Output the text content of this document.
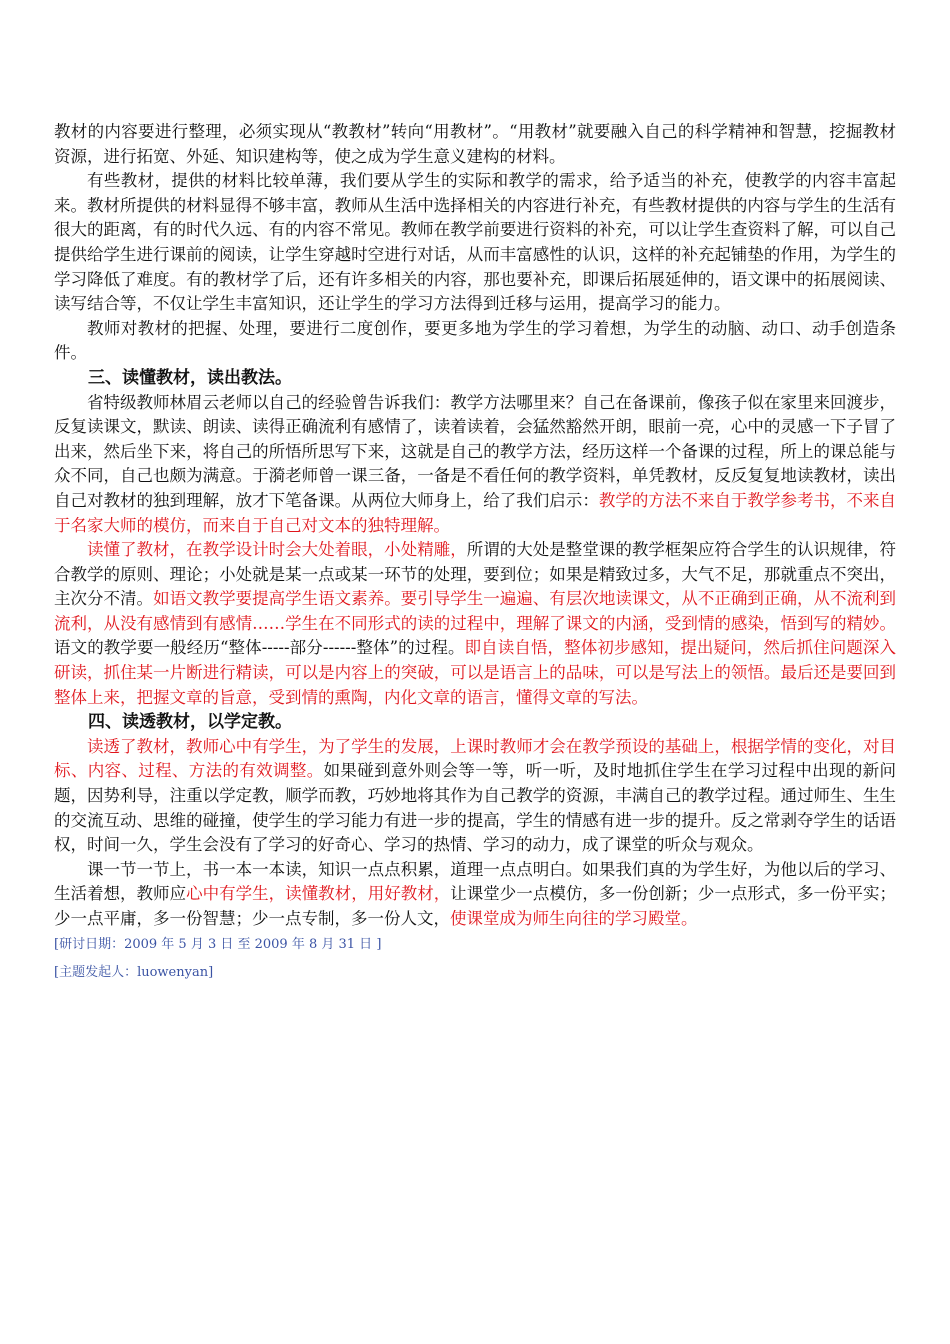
教材的内容要进行整理，必须实现从“教教材”转向“用教材”。“用教材”就要融入自己的科学精神和智慧，挖掘教材资源，进行拓宽、外延、知识建构等，使之成为学生意义建构的材料。

有些教材，提供的材料比较单薄，我们要从学生的实际和教学的需求，给予适当的补充，使教学的内容丰富起来。教材所提供的材料显得不够丰富，教师从生活中选择相关的内容进行补充，有些教材提供的内容与学生的生活有很大的距离，有的时代久远、有的内容不常见。教师在教学前要进行资料的补充，可以让学生查资料了解，可以自己提供给学生进行课前的阅读，让学生穿越时空进行对话，从而丰富感性的认识，这样的补充起铺垫的作用，为学生的学习降低了难度。有的教材学了后，还有许多相关的内容，那也要补充，即课后拓展延伸的，语文课中的拓展阅读、读写结合等，不仅让学生丰富知识，还让学生的学习方法得到迁移与运用，提高学习的能力。

教师对教材的把握、处理，要进行二度创作，要更多地为学生的学习着想，为学生的动脑、动口、动手创造条件。

三、读懂教材，读出教法。

省特级教师林眉云老师以自己的经验曾告诉我们：教学方法哪里来？自己在备课前，像孩子似在家里来回渡步，反复读课文，默读、朗读、读得正确流利有感情了，读着读着，会猛然豁然开朗，眼前一亮，心中的灵感一下子冒了出来，然后坐下来，将自己的所悟所思写下来，这就是自己的教学方法，经历这样一个备课的过程，所上的课总能与众不同，自己也颇为满意。于漪老师曾一课三备，一备是不看任何的教学资料，单凭教材，反反复复地读教材，读出自己对教材的独到理解，放才下笔备课。从两位大师身上，给了我们启示：教学的方法不来自于教学参考书，不来自于名家大师的模仿，而来自于自己对文本的独特理解。

读懂了教材，在教学设计时会大处着眼，小处精雕，所谓的大处是整堂课的教学框架应符合学生的认识规律，符合教学的原则、理论；小处就是某一点或某一环节的处理，要到位；如果是精致过多，大气不足，那就重点不突出，主次分不清。如语文教学要提高学生语文素养。要引导学生一遍遍、有层次地读课文，从不正确到正确，从不流利到流利，从没有感情到有感情……学生在不同形式的读的过程中，理解了课文的内涵，受到情的感染，悟到写的精妙。语文的教学要一般经历“整体-----部分------整体”的过程。即自读自悟，整体初步感知，提出疑问，然后抓住问题深入研读，抓住某一片断进行精读，可以是内容上的突破，可以是语言上的品味，可以是写法上的领悟。最后还是要回到整体上来，把握文章的旨意，受到情的熏陶，内化文章的语言，懂得文章的写法。

四、读透教材，以学定教。

读透了教材，教师心中有学生，为了学生的发展，上课时教师才会在教学预设的基础上，根据学情的变化，对目标、内容、过程、方法的有效调整。如果碰到意外则会等一等，听一听，及时地抓住学生在学习过程中出现的新问题，因势利导，注重以学定教，顺学而教，巧妙地将其作为自己教学的资源，丰满自己的教学过程。通过师生、生生的交流互动、思维的碰撞，使学生的学习能力有进一步的提高，学生的情感有进一步的提升。反之常剥夺学生的话语权，时间一久，学生会没有了学习的好奇心、学习的热情、学习的动力，成了课堂的听众与观众。

课一节一节上，书一本一本读，知识一点点积累，道理一点点明白。如果我们真的为学生好，为他以后的学习、生活着想，教师应心中有学生，读懂教材，用好教材，让课堂少一点模仿，多一份创新；少一点形式，多一份平实；少一点平庸，多一份智慧；少一点专制，多一份人文，使课堂成为师生向往的学习殿堂。

[研讨日期：2009 年 5 月 3 日 至 2009 年 8 月 31 日 ]

[主题发起人：luowenyan]
